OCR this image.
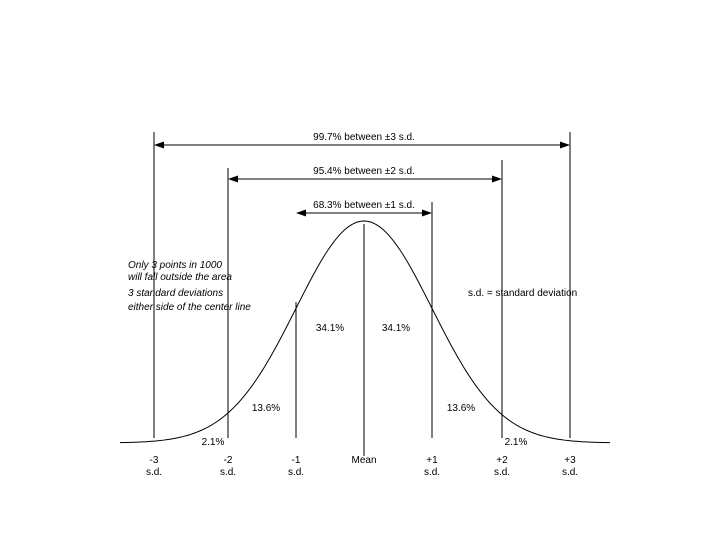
99.7% between ±3 s.d.
95.4% between ±2 s.d.
68.3% between ±1 s.d.
Only 3 points in 1000
will fall outside the area
3 standard deviations
either side of the center line
s.d. = standard deviation
34.1%	34.1%
13.6%	13.6%
2.1%	2.1%
-3
s.d.
-2
s.d.
-1
s.d.
Mean	+1
s.d.
+2
s.d.
+3
s.d.
